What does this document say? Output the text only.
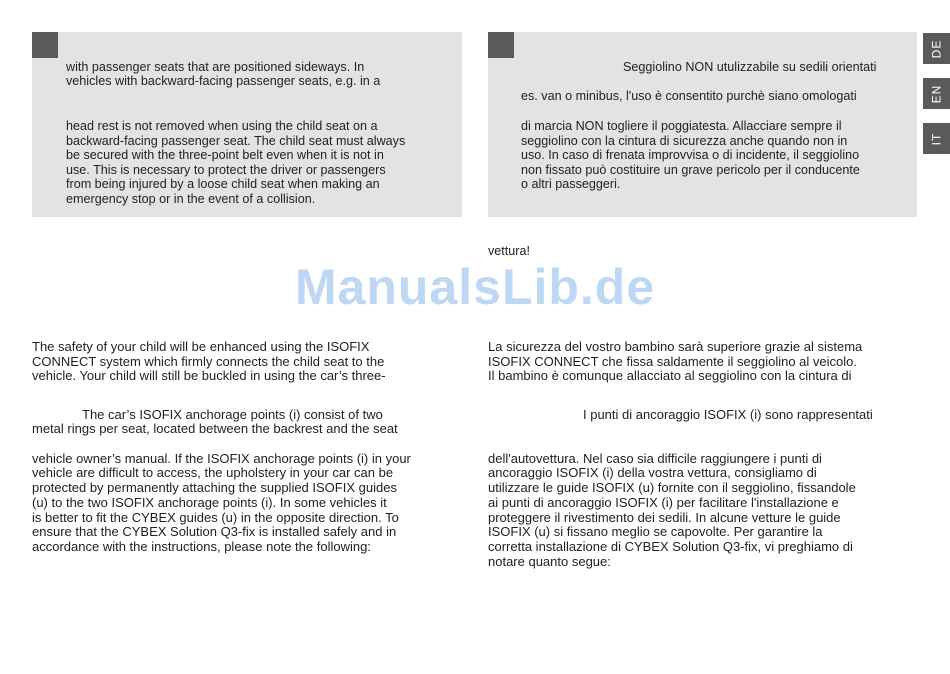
DE
EN
IT
with passenger seats that are positioned sideways. In
vehicles with backward-facing passenger seats, e.g. in a
head rest is not removed when using the child seat on a
backward-facing passenger seat. The child seat must always
be secured with the three-point belt even when it is not in
use. This is necessary to protect the driver or passengers
from being injured by a loose child seat when making an
emergency stop or in the event of a collision.
Seggiolino NON utulizzabile su sedili orientati
es. van o minibus, l'uso è consentito purchè siano omologati
di marcia NON togliere il poggiatesta. Allacciare sempre il
seggiolino con la cintura di sicurezza anche quando non in
uso. In caso di frenata improvvisa o di incidente, il seggiolino
non fissato può costituire un grave pericolo per il conducente
o altri passeggeri.
vettura!
ManualsLib.de
The safety of your child will be enhanced using the ISOFIX
CONNECT system which firmly connects the child seat to the
vehicle. Your child will still be buckled in using the car’s three-
The car’s ISOFIX anchorage points (i) consist of two
metal rings per seat, located between the backrest and the seat
vehicle owner’s manual. If the ISOFIX anchorage points (i) in your
vehicle are difficult to access, the upholstery in your car can be
protected by permanently attaching the supplied ISOFIX guides
(u) to the two ISOFIX anchorage points (i). In some vehicles it
is better to fit the CYBEX guides (u) in the opposite direction. To
ensure that the CYBEX Solution Q3-fix is installed safely and in
accordance with the instructions, please note the following:
La sicurezza del vostro bambino sarà superiore grazie al sistema
ISOFIX CONNECT che fissa saldamente il seggiolino al veicolo.
Il bambino è comunque allacciato al seggiolino con la cintura di
I punti di ancoraggio ISOFIX (i) sono rappresentati
dell'autovettura. Nel caso sia difficile raggiungere i punti di
ancoraggio ISOFIX (i) della vostra vettura, consigliamo di
utilizzare le guide ISOFIX (u) fornite con il seggiolino, fissandole
ai punti di ancoraggio ISOFIX (i) per facilitare l'installazione e
proteggere il rivestimento dei sedili. In alcune vetture le guide
ISOFIX (u) si fissano meglio se capovolte. Per garantire la
corretta installazione di CYBEX Solution Q3-fix, vi preghiamo di
notare quanto segue:
